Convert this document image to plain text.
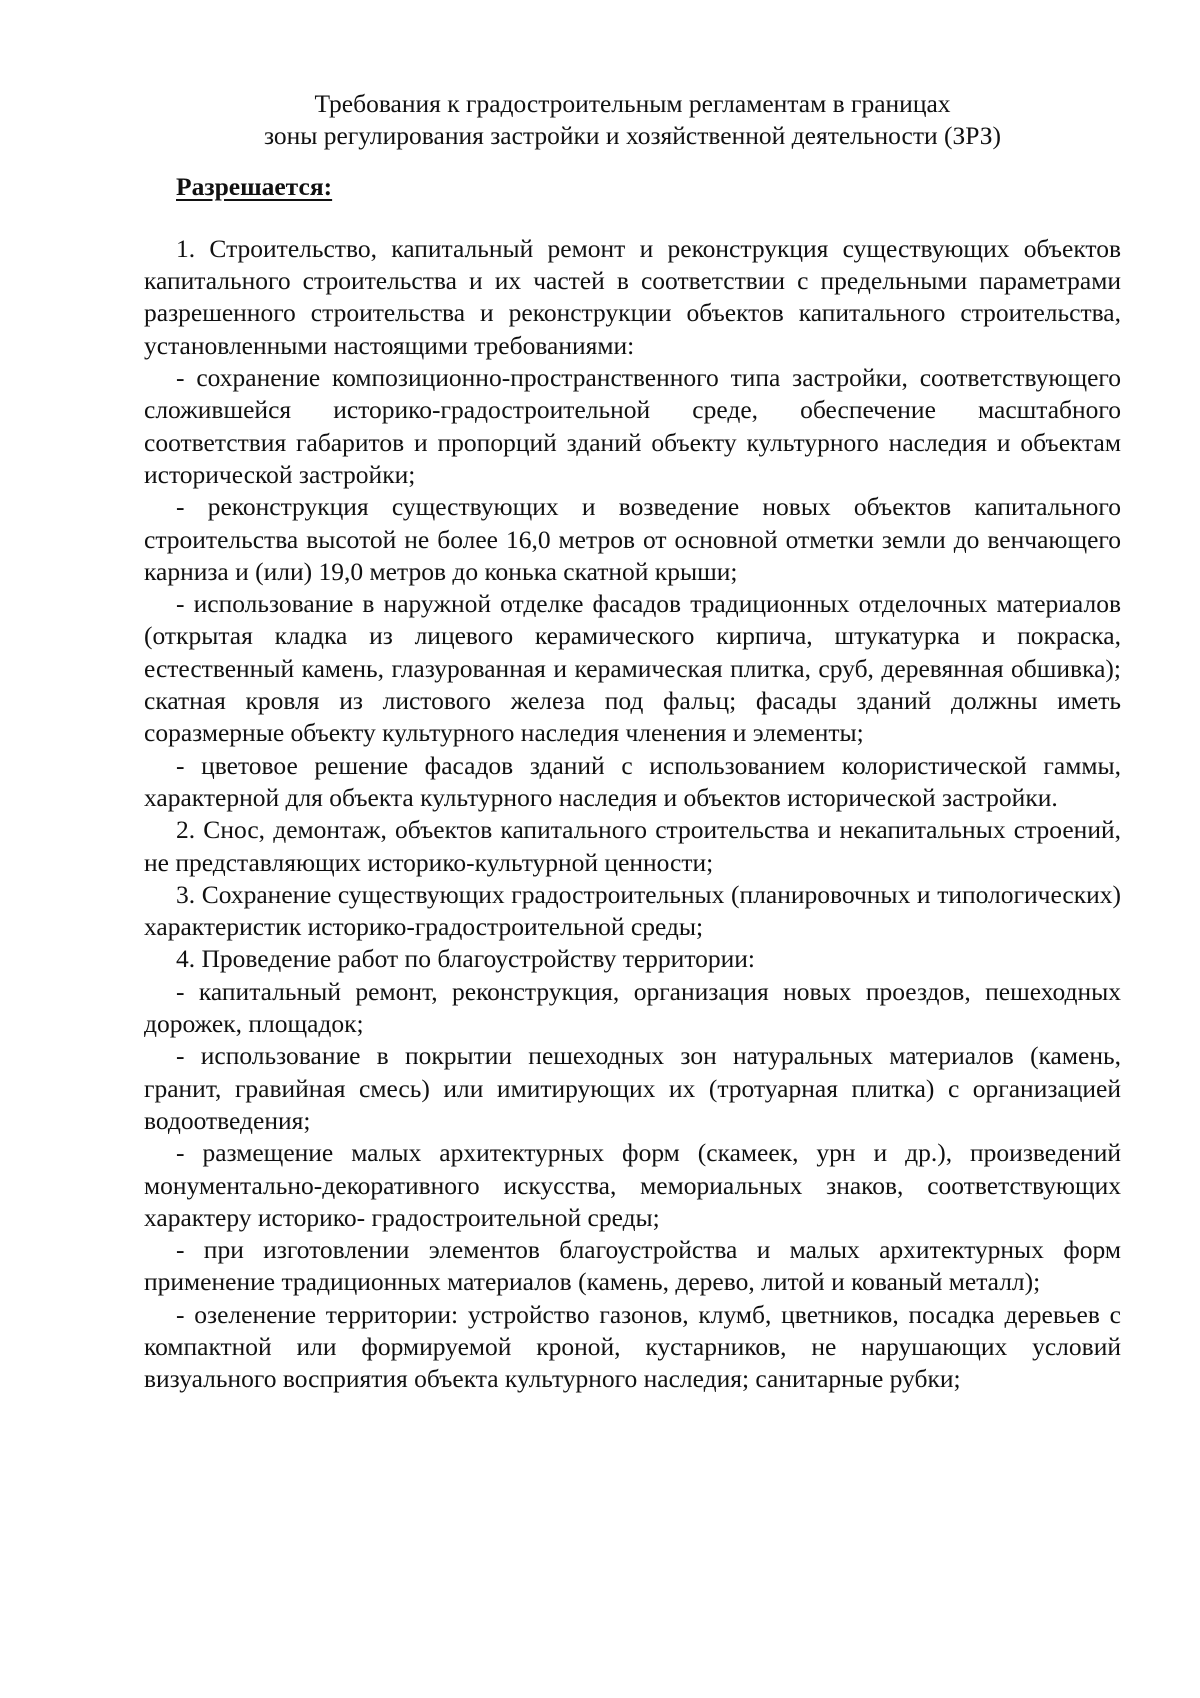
Требования к градостроительным регламентам в границах
зоны регулирования застройки и хозяйственной деятельности (ЗРЗ)
Разрешается:

1. Строительство, капитальный ремонт и реконструкция существующих объектов капитального строительства и их частей в соответствии с предельными параметрами разрешенного строительства и реконструкции объектов капитального строительства, установленными настоящими требованиями:

- сохранение композиционно-пространственного типа застройки, соответствующего сложившейся историко-градостроительной среде, обеспечение масштабного соответствия габаритов и пропорций зданий объекту культурного наследия и объектам исторической застройки;

- реконструкция существующих и возведение новых объектов капитального строительства высотой не более 16,0 метров от основной отметки земли до венчающего карниза и (или) 19,0 метров до конька скатной крыши;

- использование в наружной отделке фасадов традиционных отделочных материалов (открытая кладка из лицевого керамического кирпича, штукатурка и покраска, естественный камень, глазурованная и керамическая плитка, сруб, деревянная обшивка); скатная кровля из листового железа под фальц; фасады зданий должны иметь соразмерные объекту культурного наследия членения и элементы;

- цветовое решение фасадов зданий с использованием колористической гаммы, характерной для объекта культурного наследия и объектов исторической застройки.

2. Снос, демонтаж, объектов капитального строительства и некапитальных строений, не представляющих историко-культурной ценности;

3. Сохранение существующих градостроительных (планировочных и типологических) характеристик историко-градостроительной среды;

4. Проведение работ по благоустройству территории:

- капитальный ремонт, реконструкция, организация новых проездов, пешеходных дорожек, площадок;

- использование в покрытии пешеходных зон натуральных материалов (камень, гранит, гравийная смесь) или имитирующих их (тротуарная плитка) с организацией водоотведения;

- размещение малых архитектурных форм (скамеек, урн и др.), произведений монументально-декоративного искусства, мемориальных знаков, соответствующих характеру историко- градостроительной среды;

- при изготовлении элементов благоустройства и малых архитектурных форм применение традиционных материалов (камень, дерево, литой и кованый металл);

- озеленение территории: устройство газонов, клумб, цветников, посадка деревьев с компактной или формируемой кроной, кустарников, не нарушающих условий визуального восприятия объекта культурного наследия; санитарные рубки;
